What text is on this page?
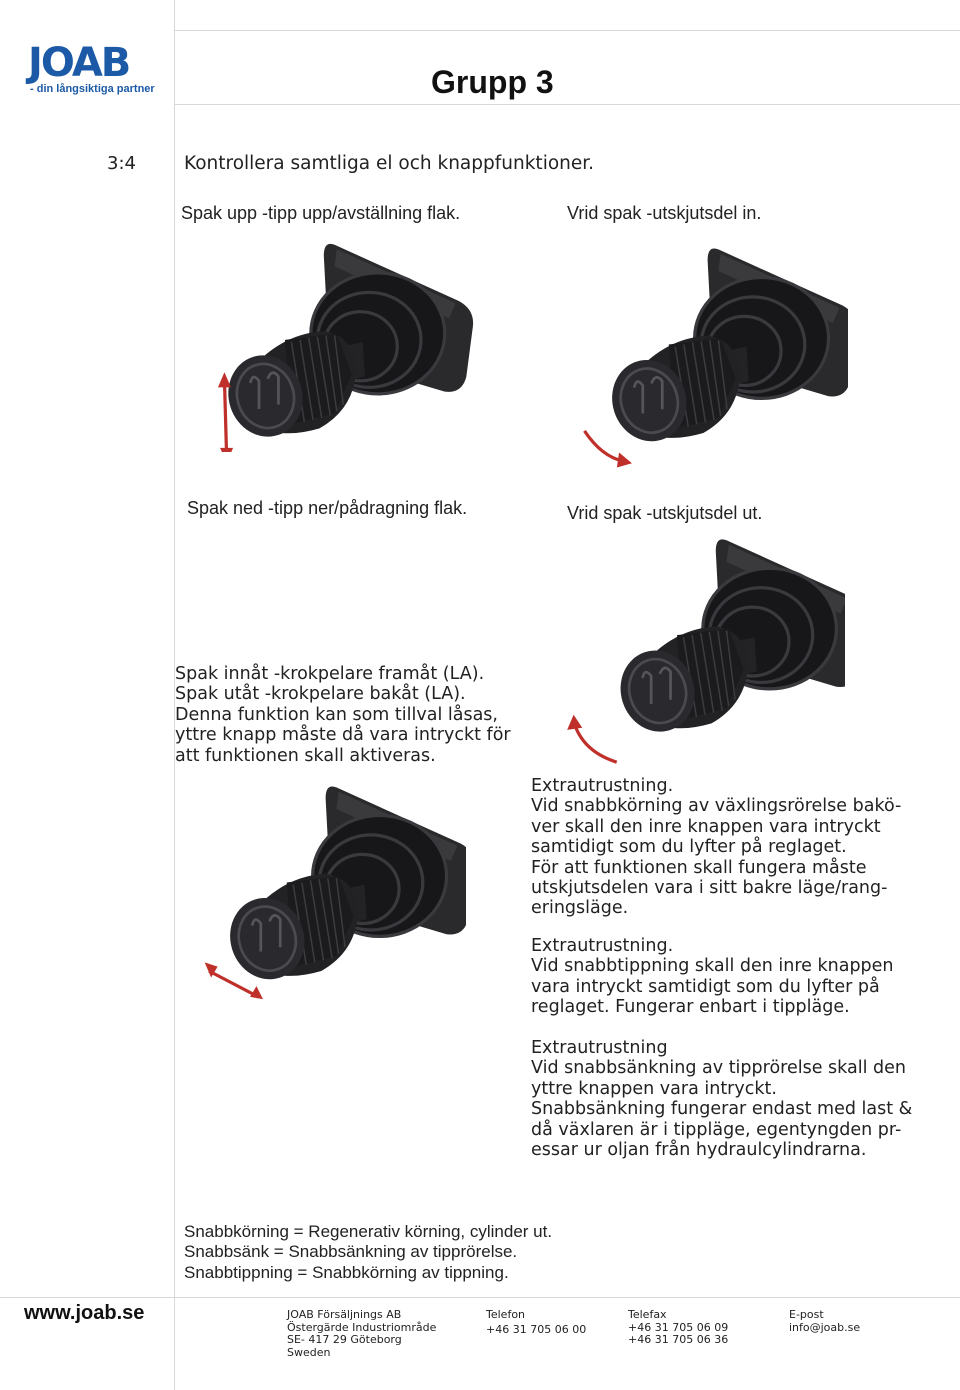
JOAB
- din långsiktiga partner	Grupp 3
3:4	Kontrollera samtliga el och knappfunktioner.
Spak upp -tipp upp/avställning flak.	Vrid spak -utskjutsdel in.
Spak ned -tipp ner/pådragning flak.	Vrid spak -utskjutsdel ut.
Spak innåt -krokpelare framåt (LA).
Spak utåt -krokpelare bakåt (LA).
Denna funktion kan som tillval låsas,
yttre knapp måste då vara intryckt för
att funktionen skall aktiveras.
Extrautrustning.
Vid snabbkörning av växlingsrörelse bakö-
ver skall den inre knappen vara intryckt
samtidigt som du lyfter på reglaget.
För att funktionen skall fungera måste
utskjutsdelen vara i sitt bakre läge/rang-
eringsläge.
Extrautrustning.
Vid snabbtippning skall den inre knappen
vara intryckt samtidigt som du lyfter på
reglaget. Fungerar enbart i tippläge.
Extrautrustning
Vid snabbsänkning av tipprörelse skall den
yttre knappen vara intryckt.
Snabbsänkning fungerar endast med last &
då växlaren är i tippläge, egentyngden pr-
essar ur oljan från hydraulcylindrarna.
Snabbkörning = Regenerativ körning, cylinder ut.
Snabbsänk = Snabbsänkning av tipprörelse.
Snabbtippning = Snabbkörning av tippning.
www.joab.se	JOAB Försäljnings AB
Östergärde Industriområde
SE- 417 29 Göteborg
Sweden
Telefon
+46 31 705 06 00
Telefax
+46 31 705 06 09
+46 31 705 06 36
E-post
info@joab.se
